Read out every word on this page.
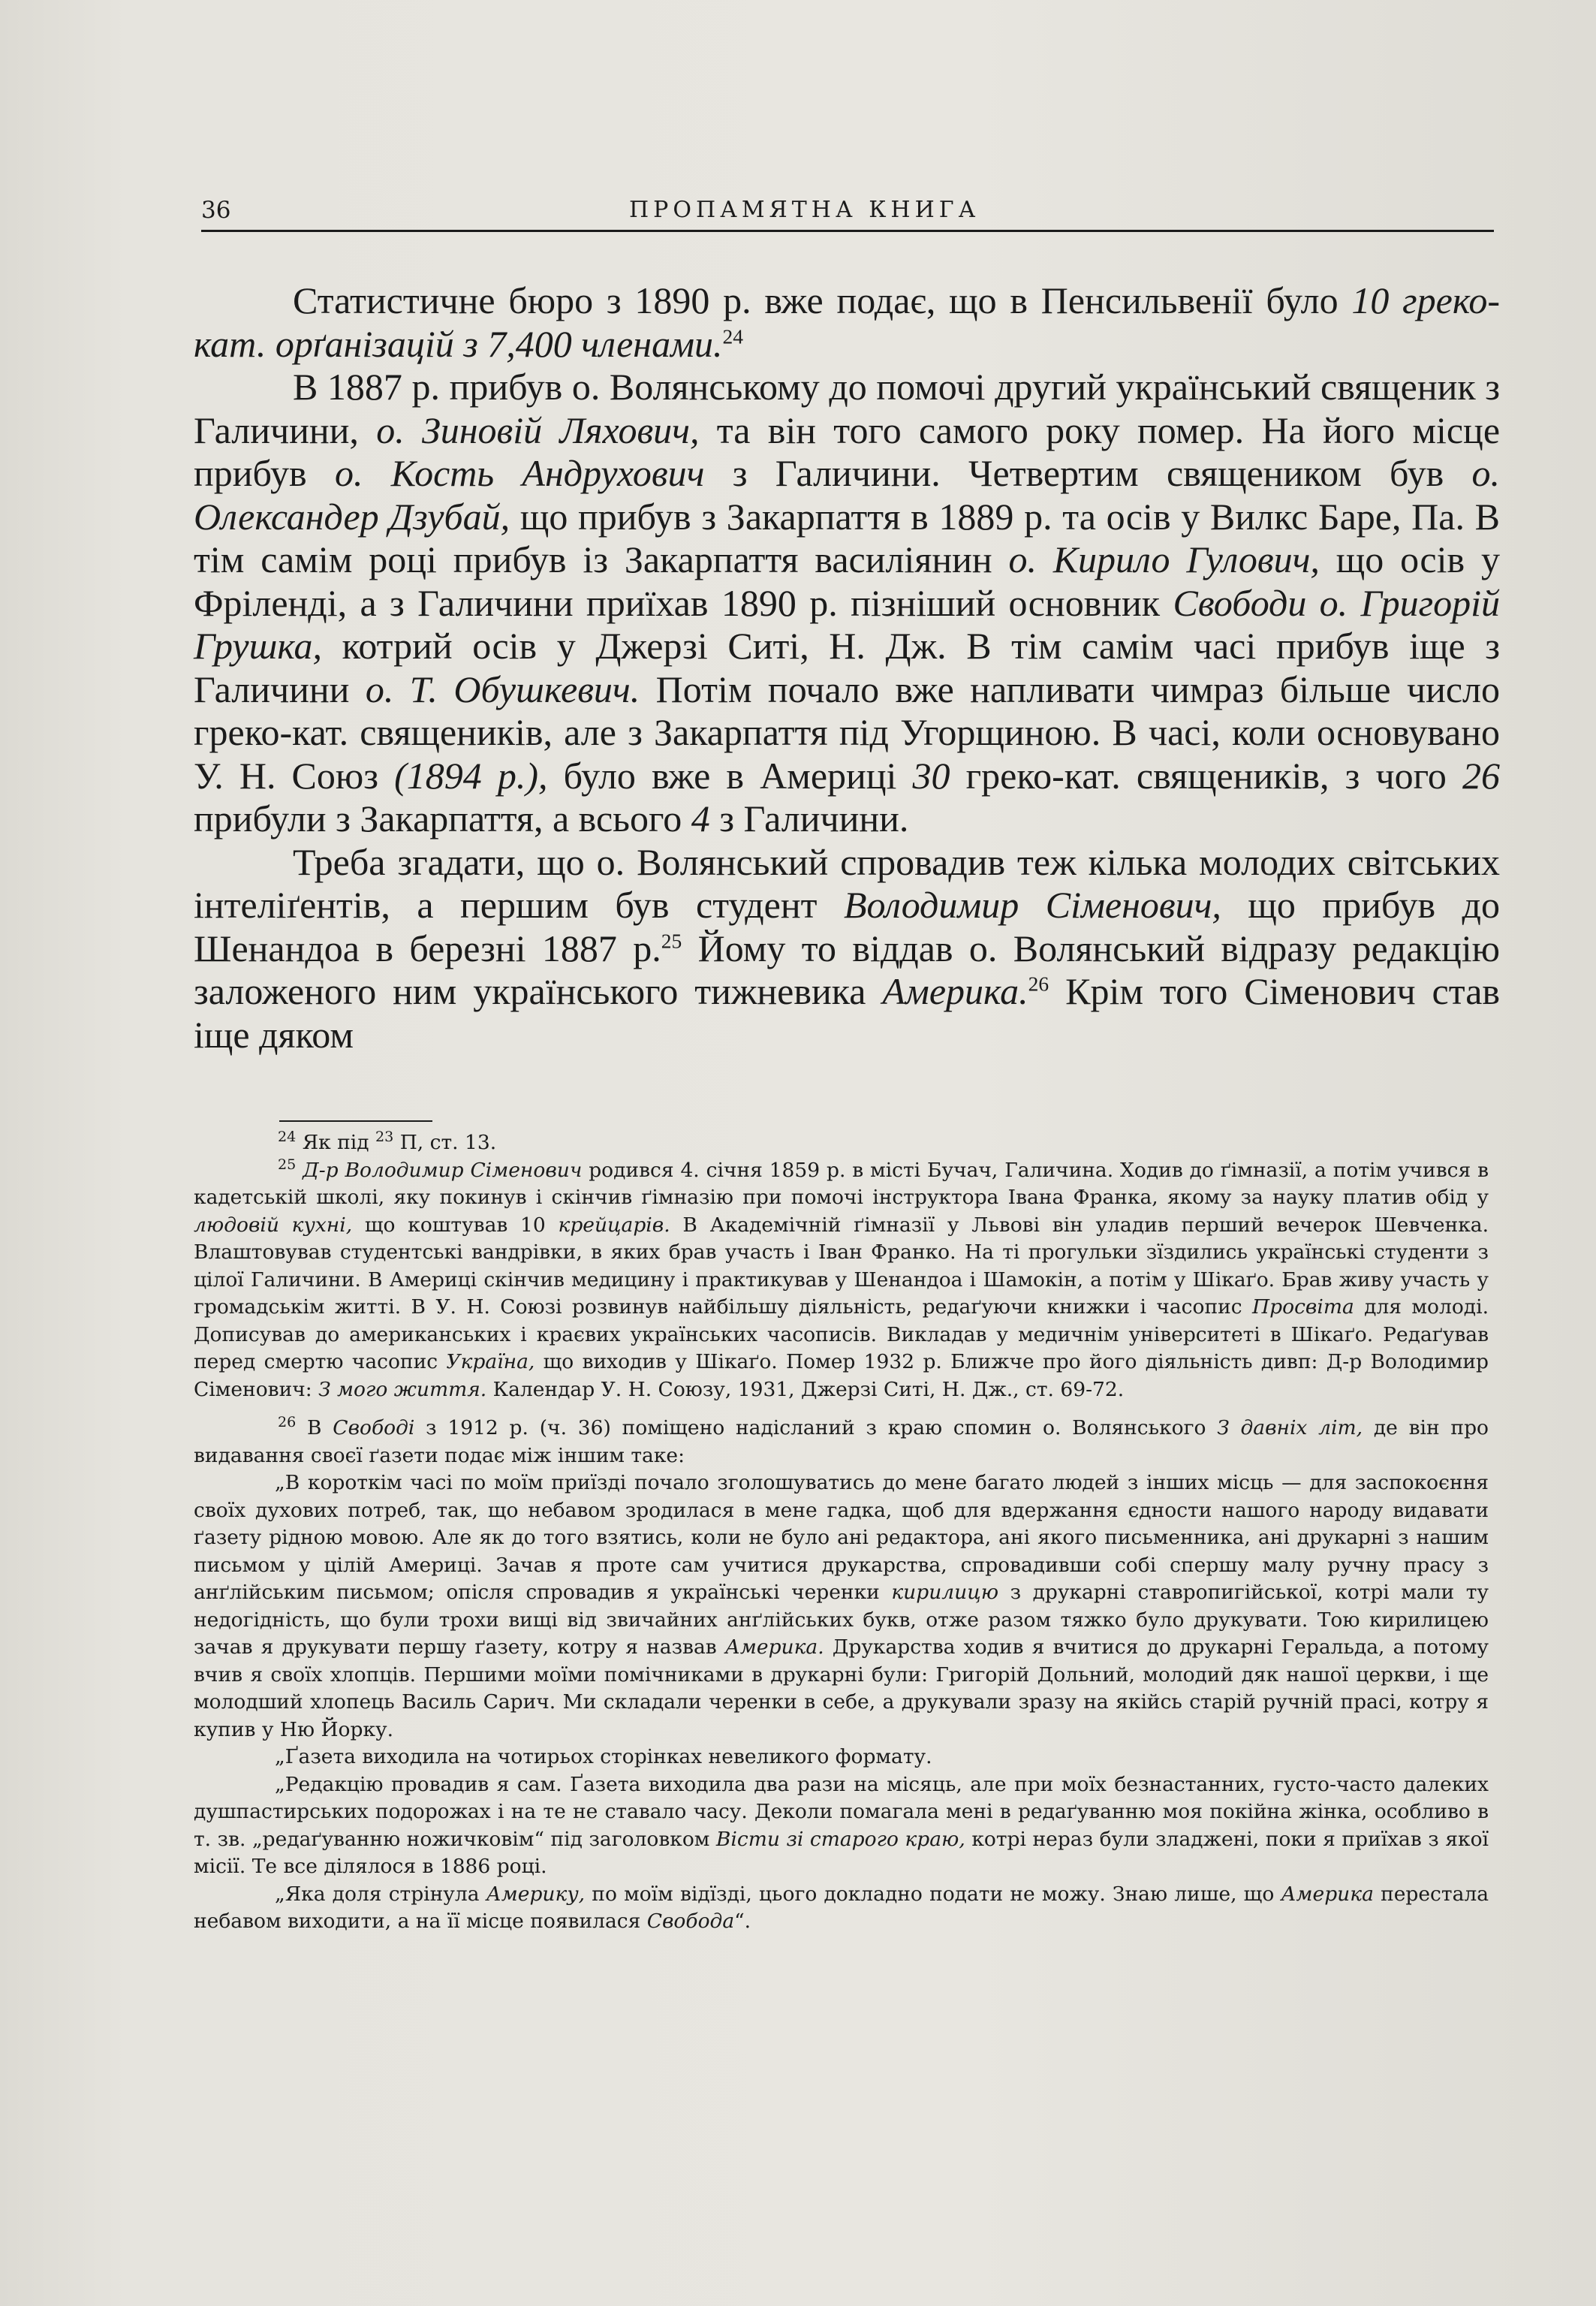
36	ПРОПАМЯТНА КНИГА

Статистичне бюро з 1890 р. вже подає, що в Пенсильвенії було 10 греко-кат. орґанізацій з 7,400 членами.$^{24}$

В 1887 р. прибув о. Волянському до помочі другий український священик з Галичини, о. Зиновій Ляхович, та він того самого року помер. На його місце прибув о. Кость Андрухович з Галичини. Четвертим священиком був о. Олександер Дзубай, що прибув з Закарпаття в 1889 р. та осів у Вилкс Баре, Па. В тім самім році прибув із Закарпаття василіянин о. Кирило Гулович, що осів у Фріленді, а з Галичини приїхав 1890 р. пізніший основник Свободи о. Григорій Грушка, котрий осів у Джерзі Ситі, Н. Дж. В тім самім часі прибув іще з Галичини о. Т. Обушкевич. Потім почало вже напливати чимраз більше число греко-кат. священиків, але з Закарпаття під Угорщиною. В часі, коли основувано У. Н. Союз (1894 р.), було вже в Америці 30 греко-кат. священиків, з чого 26 прибули з Закарпаття, а всього 4 з Галичини.

Треба згадати, що о. Волянський спровадив теж кілька молодих світських інтеліґентів, а першим був студент Володимир Сіменович, що прибув до Шенандоа в березні 1887 р.$^{25}$ Йому то віддав о. Волянський відразу редакцію заложеного ним українського тижневика Америка.$^{26}$ Крім того Сіменович став іще дяком

$^{24}$ Як під $^{23}$ П, ст. 13.

$^{25}$ Д-р Володимир Сіменович родився 4. січня 1859 р. в місті Бучач, Галичина. Ходив до ґімназії, а потім учився в кадетській школі, яку покинув і скінчив ґімназію при помочі інструктора Івана Франка, якому за науку платив обід у людовій кухні, що коштував 10 крейцарів. В Академічній ґімназії у Львові він уладив перший вечерок Шевченка. Влаштовував студентські вандрівки, в яких брав участь і Іван Франко. На ті прогульки зїздились українські студенти з цілої Галичини. В Америці скінчив медицину і практикував у Шенандоа і Шамокін, а потім у Шікаґо. Брав живу участь у громадськім житті. В У. Н. Союзі розвинув найбільшу діяльність, редаґуючи книжки і часопис Просвіта для молоді. Дописував до американських і краєвих українських часописів. Викладав у медичнім університеті в Шікаґо. Редаґував перед смертю часопис Україна, що виходив у Шікаґо. Помер 1932 р. Ближче про його діяльність дивп: Д-р Володимир Сіменович: З мого життя. Календар У. Н. Союзу, 1931, Джерзі Ситі, Н. Дж., ст. 69-72.

$^{26}$ В Свободі з 1912 р. (ч. 36) поміщено надісланий з краю спомин о. Волянського З давніх літ, де він про видавання своєї ґазети подає між іншим таке:

„В короткім часі по моїм приїзді почало зголошуватись до мене багато людей з інших місць — для заспокоєння своїх духових потреб, так, що небавом зродилася в мене гадка, щоб для вдержання єдности нашого народу видавати ґазету рідною мовою. Але як до того взятись, коли не було ані редактора, ані якого письменника, ані друкарні з нашим письмом у цілій Америці. Зачав я проте сам учитися друкарства, спровадивши собі спершу малу ручну прасу з анґлійським письмом; опісля спровадив я українські черенки кирилицю з друкарні ставропигійської, котрі мали ту недогідність, що були трохи вищі від звичайних анґлійських букв, отже разом тяжко було друкувати. Тою кирилицею зачав я друкувати першу ґазету, котру я назвав Америка. Друкарства ходив я вчитися до друкарні Геральда, а потому вчив я своїх хлопців. Першими моїми помічниками в друкарні були: Григорій Дольний, молодий дяк нашої церкви, і ще молодший хлопець Василь Сарич. Ми складали черенки в себе, а друкували зразу на якійсь старій ручній прасі, котру я купив у Ню Йорку.

„Ґазета виходила на чотирьох сторінках невеликого формату.

„Редакцію провадив я сам. Ґазета виходила два рази на місяць, але при моїх безнастанних, густо-часто далеких душпастирських подорожах і на те не ставало часу. Деколи помагала мені в редаґуванню моя покійна жінка, особливо в т. зв. „редаґуванню ножичковім“ під заголовком Вісти зі старого краю, котрі нераз були зладжені, поки я приїхав з якої місії. Те все ділялося в 1886 році.

„Яка доля стрінула Америку, по моїм відїзді, цього докладно подати не можу. Знаю лише, що Америка перестала небавом виходити, а на її місце появилася Свобода“.
